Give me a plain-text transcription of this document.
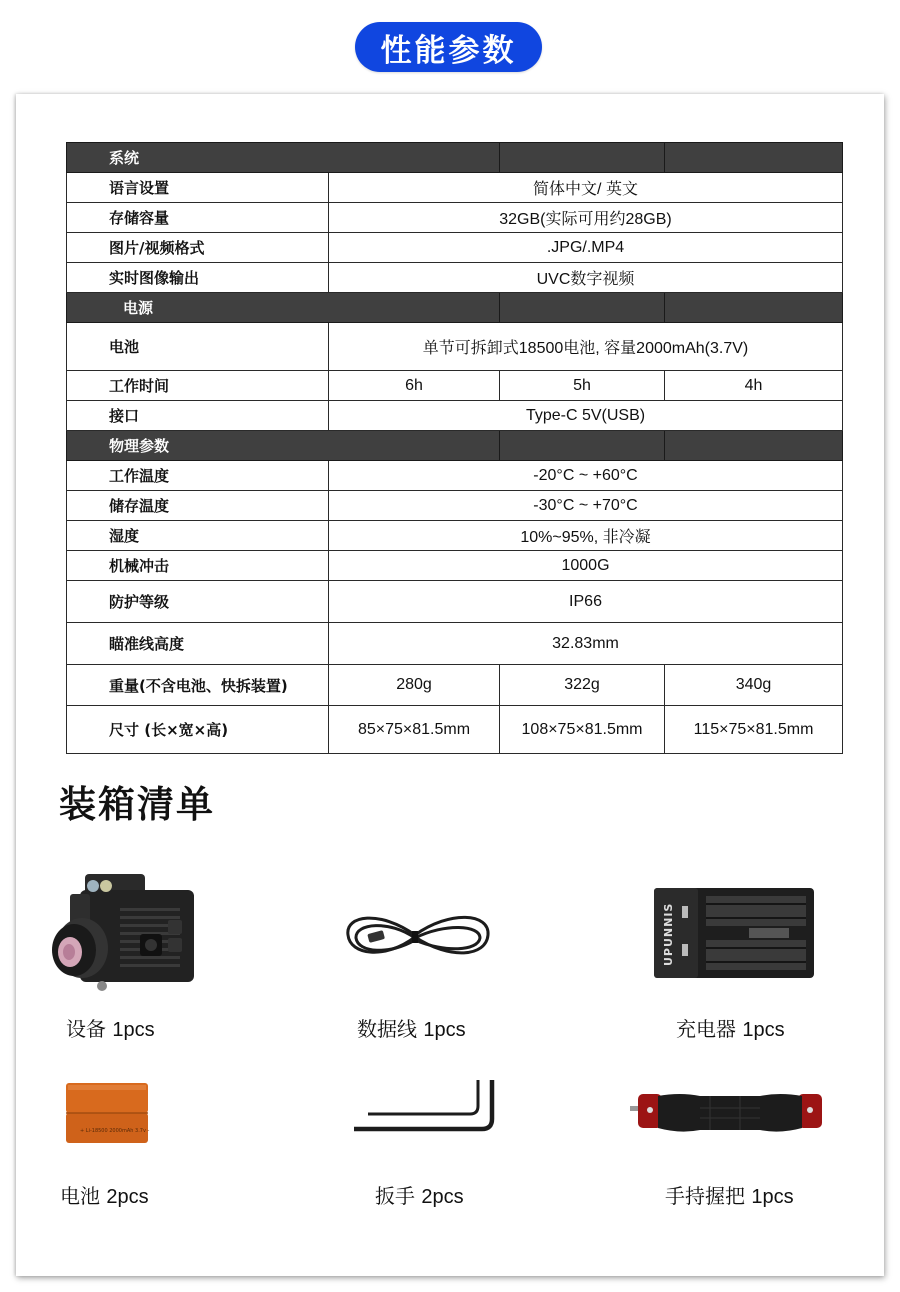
性能参数
系统			
语言设置	简体中文/ 英文		
存储容量	32GB(实际可用约28GB)		
图片/视频格式	.JPG/.MP4		
实时图像输出	UVC数字视频		
电源			
电池	单节可拆卸式18500电池, 容量2000mAh(3.7V)		
工作时间	6h	5h	4h
接口	Type-C 5V(USB)		
物理参数			
工作温度	-20°C ~ +60°C		
储存温度	-30°C ~ +70°C		
湿度	10%~95%, 非冷凝		
机械冲击	1000G		
防护等级	IP66		
瞄准线高度	32.83mm		
重量(不含电池、快拆装置)	280g	322g	340g
尺寸 (长×宽×高)	85×75×81.5mm	108×75×81.5mm	115×75×81.5mm
装箱清单
设备 1pcs	数据线 1pcs
UPUNNIS
充电器 1pcs
+ Li-18500 2000mAh 3.7v -
电池 2pcs	扳手 2pcs	手持握把 1pcs
